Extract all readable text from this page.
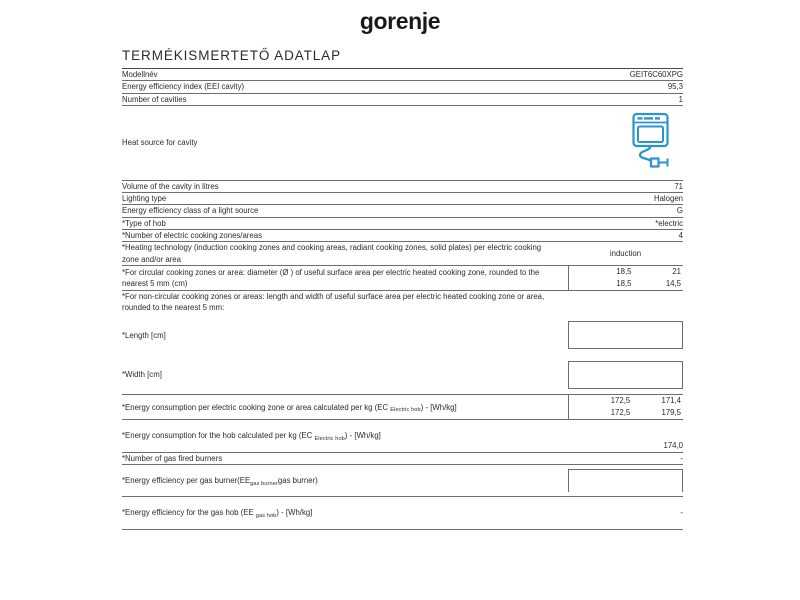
gorenje
TERMÉKISMERTETŐ ADATLAP
Modellnév	GEIT6C60XPG
Energy efficiency index (EEI cavity)	95,3
Number of cavities	1
Heat source for cavity	

Volume of the cavity in litres	71
Lighting type	Halogen
Energy efficiency class of a light source	G
*Type of hob	*electric
*Number of electric cooking zones/areas	4
*Heating technology (induction cooking zones and cooking areas, radiant cooking zones, solid plates) per electric cooking zone and/or area	induction
*For circular cooking zones or area: diameter (Ø ) of useful surface area per electric heated cooking zone, rounded to the nearest 5 mm (cm)	18,5	21
18,5	14,5

*For non-circular cooking zones or areas: length and width of useful surface area per electric heated cooking zone or area, rounded to the nearest 5 mm:	
*Length [cm]	

*Width [cm]	

*Energy consumption per electric cooking zone or area calculated per kg (EC $_{Electric hob}$) - [Wh/kg]	172,5	171,4
172,5	179,5

*Energy consumption for the hob calculated per kg (EC $_{Electric hob}$) - [Wh/kg]	174,0
*Number of gas fired burners	-
*Energy efficiency per gas $burner(EE_{gas burner}gas$ burner)	

*Energy efficiency for the gas hob (EE $_{gas hob}$) - [Wh/kg]	-
